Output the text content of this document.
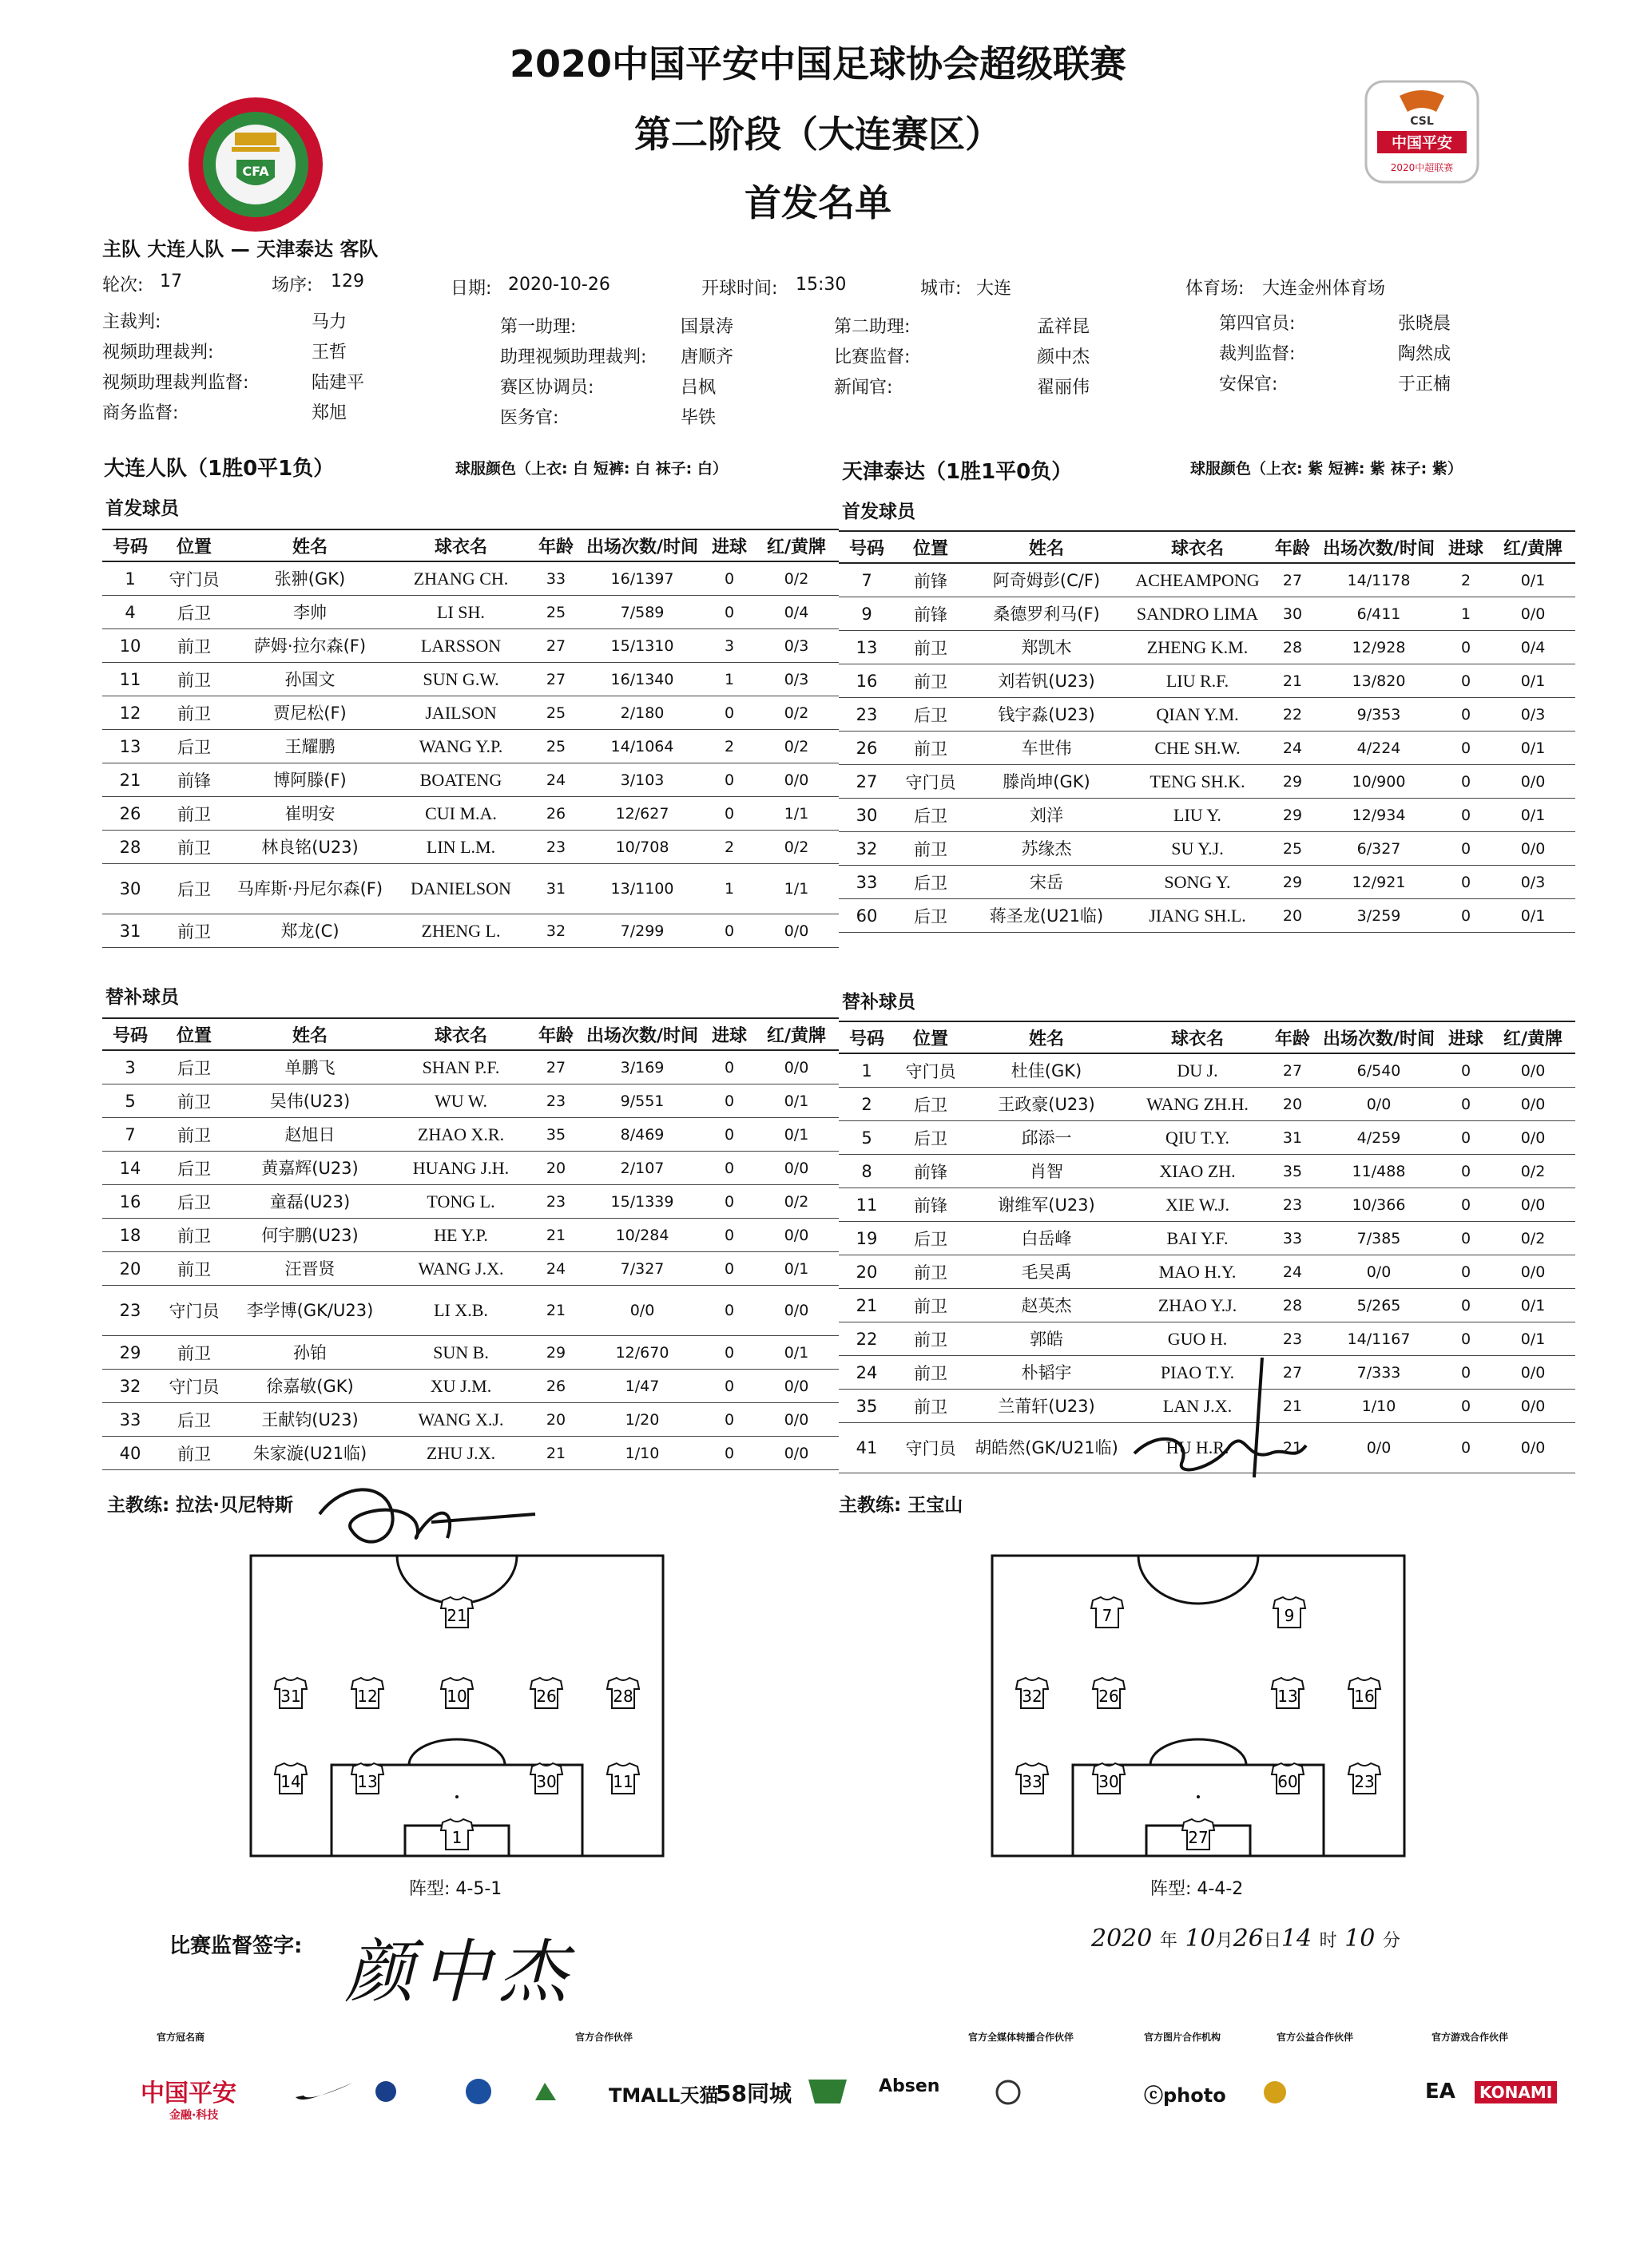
CFA
CSL
中国平安
2020中超联赛
2020中国平安中国足球协会超级联赛
第二阶段（大连赛区）
首发名单
主队 大连人队 — 天津泰达 客队
轮次: 17	场序: 129	日期: 2020-10-26	开球时间: 15:30	城市: 大连	体育场: 大连金州体育场
主裁判:	马力
视频助理裁判:	王哲
视频助理裁判监督:	陆建平
商务监督:	郑旭
第一助理:	国景涛
助理视频助理裁判: 唐顺齐
赛区协调员:	吕枫
医务官:	毕铁
第二助理:	孟祥昆
比赛监督:	颜中杰
新闻官:	翟丽伟
第四官员:	张晓晨
裁判监督:	陶然成
安保官:	于正楠
大连人队（1胜0平1负）	球服颜色（上衣: 白 短裤: 白 袜子: 白）	天津泰达（1胜1平0负）	球服颜色（上衣: 紫 短裤: 紫 袜子: 紫）
首发球员	首发球员
号码	位置	姓名	球衣名	年龄	出场次数/时间	进球	红/黄牌
1	守门员	张翀(GK)	ZHANG CH.	33	16/1397	0	0/2
4	后卫	李帅	LI SH.	25	7/589	0	0/4
10	前卫	萨姆·拉尔森(F)	LARSSON	27	15/1310	3	0/3
11	前卫	孙国文	SUN G.W.	27	16/1340	1	0/3
12	前卫	贾尼松(F)	JAILSON	25	2/180	0	0/2
13	后卫	王耀鹏	WANG Y.P.	25	14/1064	2	0/2
21	前锋	博阿滕(F)	BOATENG	24	3/103	0	0/0
26	前卫	崔明安	CUI M.A.	26	12/627	0	1/1
28	前卫	林良铭(U23)	LIN L.M.	23	10/708	2	0/2
30	后卫	马库斯·丹尼尔森(F)	DANIELSON	31	13/1100	1	1/1
31	前卫	郑龙(C)	ZHENG L.	32	7/299	0	0/0
号码	位置	姓名	球衣名	年龄	出场次数/时间	进球	红/黄牌
7	前锋	阿奇姆彭(C/F)	ACHEAMPONG	27	14/1178	2	0/1
9	前锋	桑德罗利马(F)	SANDRO LIMA	30	6/411	1	0/0
13	前卫	郑凯木	ZHENG K.M.	28	12/928	0	0/4
16	前卫	刘若钒(U23)	LIU R.F.	21	13/820	0	0/1
23	后卫	钱宇淼(U23)	QIAN Y.M.	22	9/353	0	0/3
26	前卫	车世伟	CHE SH.W.	24	4/224	0	0/1
27	守门员	滕尚坤(GK)	TENG SH.K.	29	10/900	0	0/0
30	后卫	刘洋	LIU Y.	29	12/934	0	0/1
32	前卫	苏缘杰	SU Y.J.	25	6/327	0	0/0
33	后卫	宋岳	SONG Y.	29	12/921	0	0/3
60	后卫	蒋圣龙(U21临)	JIANG SH.L.	20	3/259	0	0/1
替补球员	替补球员
号码	位置	姓名	球衣名	年龄	出场次数/时间	进球	红/黄牌
3	后卫	单鹏飞	SHAN P.F.	27	3/169	0	0/0
5	前卫	吴伟(U23)	WU W.	23	9/551	0	0/1
7	前卫	赵旭日	ZHAO X.R.	35	8/469	0	0/1
14	后卫	黄嘉辉(U23)	HUANG J.H.	20	2/107	0	0/0
16	后卫	童磊(U23)	TONG L.	23	15/1339	0	0/2
18	前卫	何宇鹏(U23)	HE Y.P.	21	10/284	0	0/0
20	前卫	汪晋贤	WANG J.X.	24	7/327	0	0/1
23	守门员	李学博(GK/U23)	LI X.B.	21	0/0	0	0/0
29	前卫	孙铂	SUN B.	29	12/670	0	0/1
32	守门员	徐嘉敏(GK)	XU J.M.	26	1/47	0	0/0
33	后卫	王献钧(U23)	WANG X.J.	20	1/20	0	0/0
40	前卫	朱家漩(U21临)	ZHU J.X.	21	1/10	0	0/0
号码	位置	姓名	球衣名	年龄	出场次数/时间	进球	红/黄牌
1	守门员	杜佳(GK)	DU J.	27	6/540	0	0/0
2	后卫	王政豪(U23)	WANG ZH.H.	20	0/0	0	0/0
5	后卫	邱添一	QIU T.Y.	31	4/259	0	0/0
8	前锋	肖智	XIAO ZH.	35	11/488	0	0/2
11	前锋	谢维军(U23)	XIE W.J.	23	10/366	0	0/0
19	后卫	白岳峰	BAI Y.F.	33	7/385	0	0/2
20	前卫	毛吴禹	MAO H.Y.	24	0/0	0	0/0
21	前卫	赵英杰	ZHAO Y.J.	28	5/265	0	0/1
22	前卫	郭皓	GUO H.	23	14/1167	0	0/1
24	前卫	朴韬宇	PIAO T.Y.	27	7/333	0	0/0
35	前卫	兰莆轩(U23)	LAN J.X.	21	1/10	0	0/0
41	守门员	胡皓然(GK/U21临)	HU H.R.	21	0/0	0	0/0
主教练: 拉法·贝尼特斯	主教练: 王宝山
21
31	12	10	26	28
14	13	30	11
1
阵型: 4-5-1
7	9
32	26	13	16
33	30	60	23
27
阵型: 4-4-2
比赛监督签字: 颜中杰	2020 年 10月26日14 时 10 分
官方冠名商	官方合作伙伴	官方全媒体转播合作伙伴	官方图片合作机构	官方公益合作伙伴	官方游戏合作伙伴
中国平安
金融·科技
TMALL天猫
58同城	Absen	ⓒphoto	EA	KONAMI
